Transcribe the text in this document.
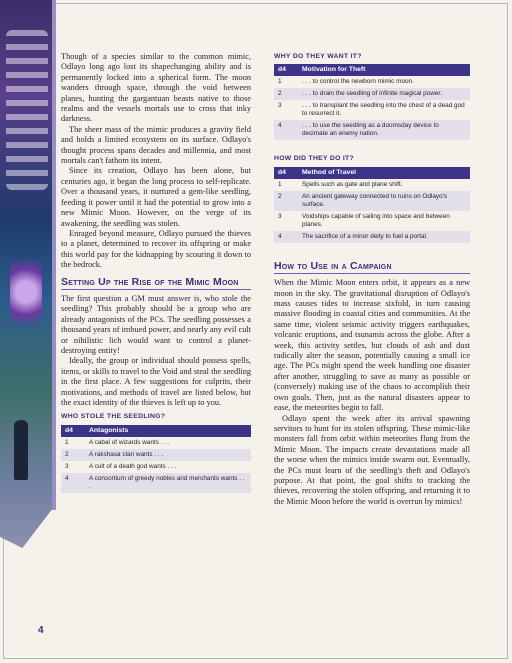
Though of a species similar to the common mimic, Odlayo long ago lost its shapechanging ability and is permanently locked into a spherical form. The moon wanders through space, through the void between planes, hunting the gargantuan beasts native to those realms and the vessels mortals use to cross that inky darkness.

The sheer mass of the mimic produces a gravity field and holds a limited ecosystem on its surface. Odlayo's thought process spans decades and millennia, and most mortals can't fathom its intent.

Since its creation, Odlayo has been alone, but centuries ago, it began the long process to self-replicate. Over a thousand years, it nurtured a gem-like seedling, feeding it power until it had the potential to grow into a new Mimic Moon. However, on the verge of its awakening, the seedling was stolen.

Enraged beyond measure, Odlayo pursued the thieves to a planet, determined to recover its offspring or make this world pay for the kidnapping by scouring it down to the bedrock.

Setting Up the Rise of the Mimic Moon

The first question a GM must answer is, who stole the seedling? This probably should be a group who are already antagonists of the PCs. The seedling possesses a thousand years of imbued power, and nearly any evil cult or nihilistic lich would want to control a planet-destroying entity!

Ideally, the group or individual should possess spells, items, or skills to travel to the Void and steal the seedling in the first place. A few suggestions for culprits, their motivations, and methods of travel are listed below, but the exact identity of the thieves is left up to you.

WHO STOLE THE SEEDLING?
d4	Antagonists
1	A cabal of wizards wants . . .
2	A rakshasa clan wants . . .
3	A cult of a death god wants . . .
4	A consortium of greedy nobles and merchants wants . . .
WHY DO THEY WANT IT?
d4	Motivation for Theft
1	. . . to control the newborn mimic moon.
2	. . . to drain the seedling of infinite magical power.
3	. . . to transplant the seedling into the chest of a dead god to resurrect it.
4	. . . to use the seedling as a doomsday device to decimate an enemy nation.
HOW DID THEY DO IT?
d4	Method of Travel
1	Spells such as gate and plane shift.
2	An ancient gateway connected to ruins on Odlayo's surface.
3	Voidships capable of sailing into space and between planes.
4	The sacrifice of a minor deity to fuel a portal.
How to Use in a Campaign

When the Mimic Moon enters orbit, it appears as a new moon in the sky. The gravitational disruption of Odlayo's mass causes tides to increase sixfold, in turn causing massive flooding in coastal cities and communities. At the same time, violent seismic activity triggers earthquakes, volcanic eruptions, and tsunamis across the globe. After a week, this activity settles, but clouds of ash and dust radically alter the season, potentially causing a small ice age. The PCs might spend the week handling one disaster after another, struggling to save as many as possible or (conversely) making use of the chaos to accomplish their own goals. Then, just as the natural disasters appear to ease, the meteorites begin to fall.

Odlayo spent the week after its arrival spawning servitors to hunt for its stolen offspring. These mimic-like monsters fall from orbit within meteorites flung from the Mimic Moon. The impacts create devastations made all the worse when the mimics inside swarm out. Eventually, the PCs must learn of the seedling's theft and Odlayo's purpose. At that point, the goal shifts to tracking the thieves, recovering the stolen offspring, and returning it to the Mimic Moon before the world is overrun by mimics!

4
